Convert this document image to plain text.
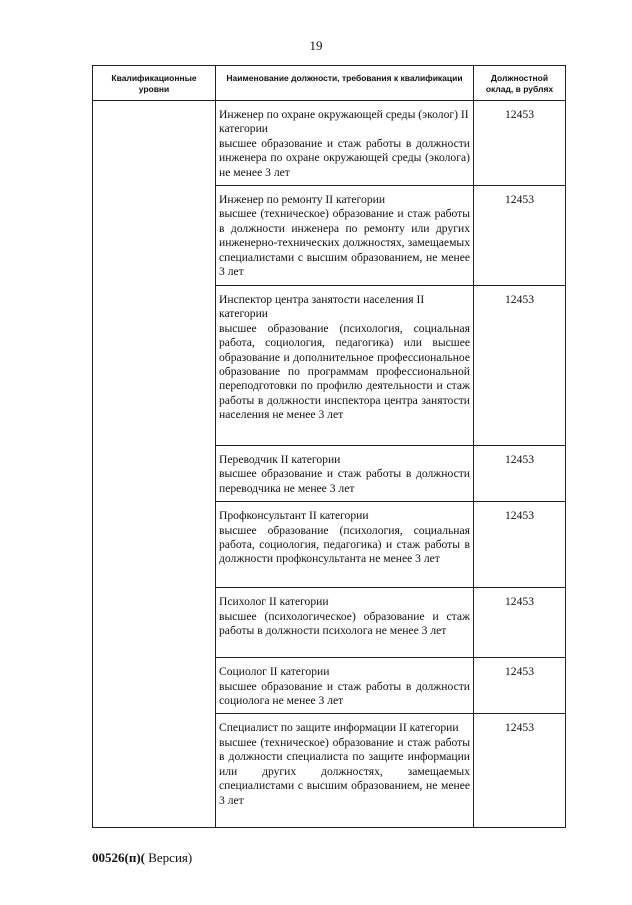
19
Квалификационные уровни	Наименование должности, требования к квалификации	Должностной оклад, в рублях

	Инженер по охране окружающей среды (эколог) II категории
высшее образование и стаж работы в должности инженера по охране окружающей среды (эколога) не менее 3 лет	12453

	Инженер по ремонту II категории
высшее (техническое) образование и стаж работы в должности инженера по ремонту или других инженерно-технических должностях, замещаемых специалистами с высшим образованием, не менее 3 лет	12453

	Инспектор центра занятости населения II категории
высшее образование (психология, социальная работа, социология, педагогика) или высшее образование и дополнительное профессиональное образование по программам профессиональной переподготовки по профилю деятельности и стаж работы в должности инспектора центра занятости населения не менее 3 лет	12453

	Переводчик II категории
высшее образование и стаж работы в должности переводчика не менее 3 лет	12453

	Профконсультант II категории
высшее образование (психология, социальная работа, социология, педагогика) и стаж работы в должности профконсультанта не менее 3 лет	12453

	Психолог II категории
высшее (психологическое) образование и стаж работы в должности психолога не менее 3 лет	12453

	Социолог II категории
высшее образование и стаж работы в должности социолога не менее 3 лет	12453

	Специалист по защите информации II категории
высшее (техническое) образование и стаж работы в должности специалиста по защите информации или других должностях, замещаемых специалистами с высшим образованием, не менее 3 лет	12453
00526(п)( Версия)
